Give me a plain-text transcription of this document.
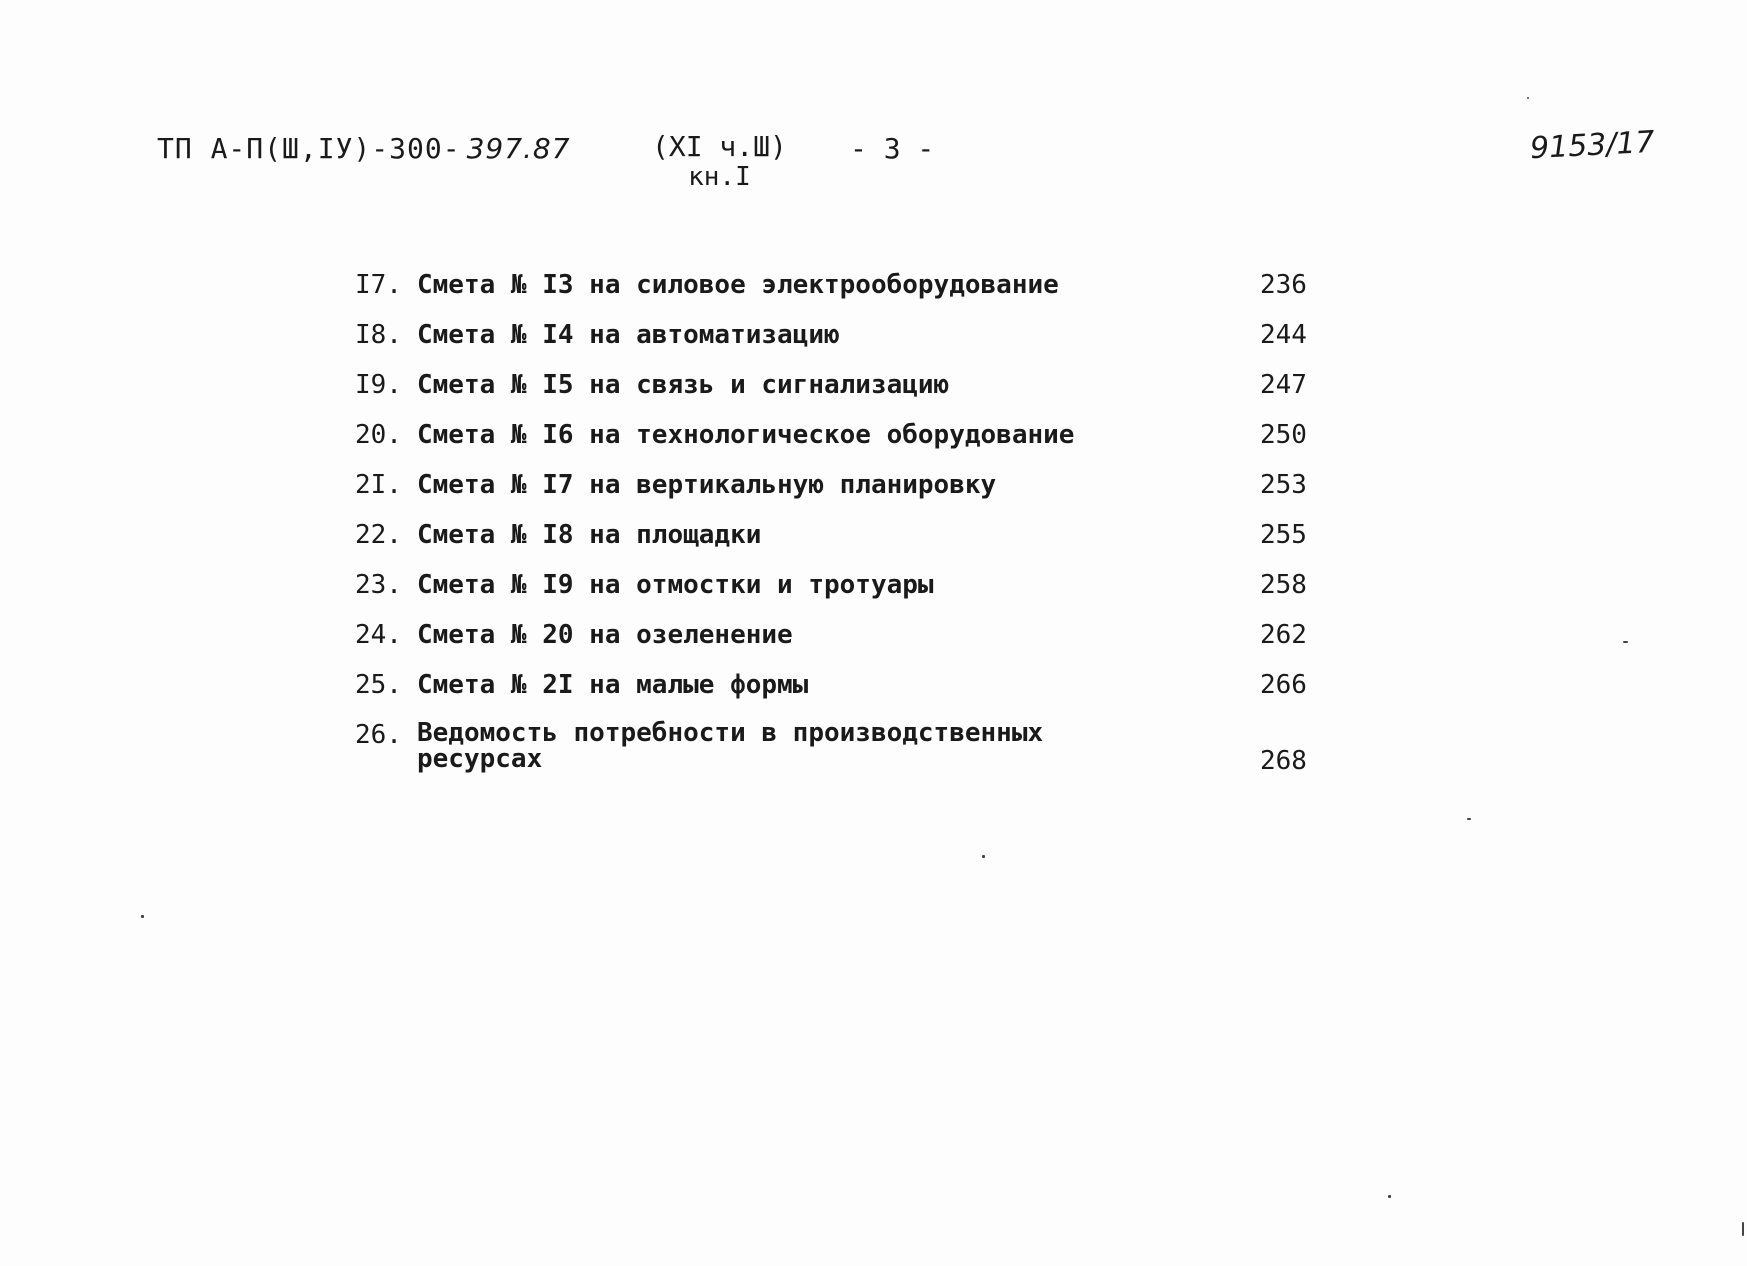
ТП А-П(Ш,IУ)-300- 397.87	(XI ч.Ш)
кн.I
- 3 -	9153/17
I7. Смета № I3 на силовое электрооборудование	236
I8. Смета № I4 на автоматизацию	244
I9. Смета № I5 на связь и сигнализацию	247
20. Смета № I6 на технологическое оборудование	250
2I. Смета № I7 на вертикальную планировку	253
22. Смета № I8 на площадки	255
23. Смета № I9 на отмостки и тротуары	258
24. Смета № 20 на озеленение	262
25. Смета № 2I на малые формы	266
26. Ведомость потребности в производственных ресурсах	268
